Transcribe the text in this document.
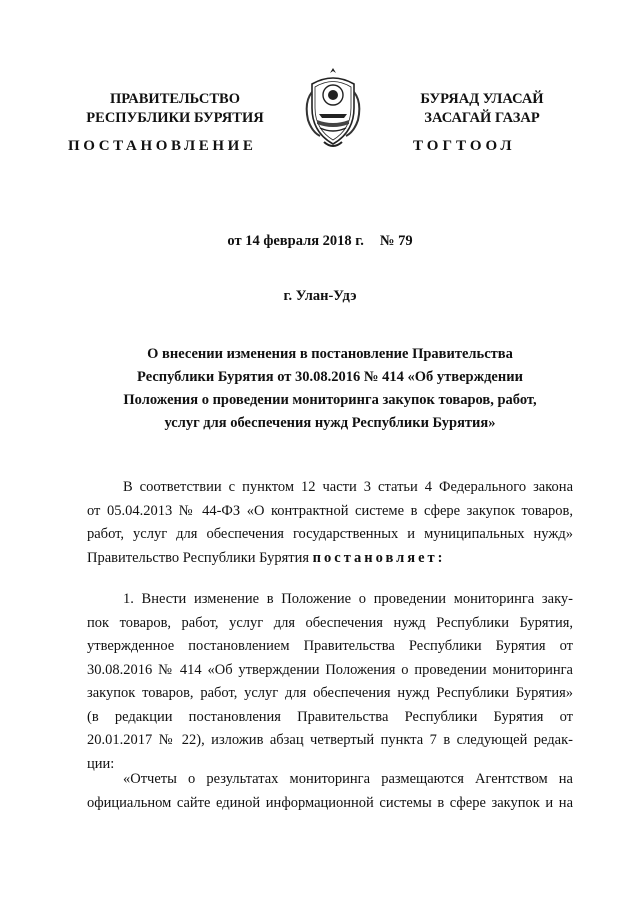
ПРАВИТЕЛЬСТВО
РЕСПУБЛИКИ БУРЯТИЯ
БУРЯАД УЛАСАЙ
ЗАСАГАЙ ГАЗАР
ПОСТАНОВЛЕНИЕ	ТОГТООЛ
от 14 февраля 2018 г. № 79
г. Улан-Удэ
О внесении изменения в постановление Правительства
Республики Бурятия от 30.08.2016 № 414 «Об утверждении
Положения о проведении мониторинга закупок товаров, работ,
услуг для обеспечения нужд Республики Бурятия»
В соответствии с пунктом 12 части 3 статьи 4 Федерального закона
от 05.04.2013 № 44-ФЗ «О контрактной системе в сфере закупок товаров,
работ, услуг для обеспечения государственных и муниципальных нужд»
Правительство Республики Бурятия постановляет:
1. Внести изменение в Положение о проведении мониторинга заку-
пок товаров, работ, услуг для обеспечения нужд Республики Бурятия,
утвержденное постановлением Правительства Республики Бурятия от
30.08.2016 № 414 «Об утверждении Положения о проведении мониторинга
закупок товаров, работ, услуг для обеспечения нужд Республики Бурятия»
(в редакции постановления Правительства Республики Бурятия от
20.01.2017 № 22), изложив абзац четвертый пункта 7 в следующей редак-
ции:
«Отчеты о результатах мониторинга размещаются Агентством на
официальном сайте единой информационной системы в сфере закупок и на
